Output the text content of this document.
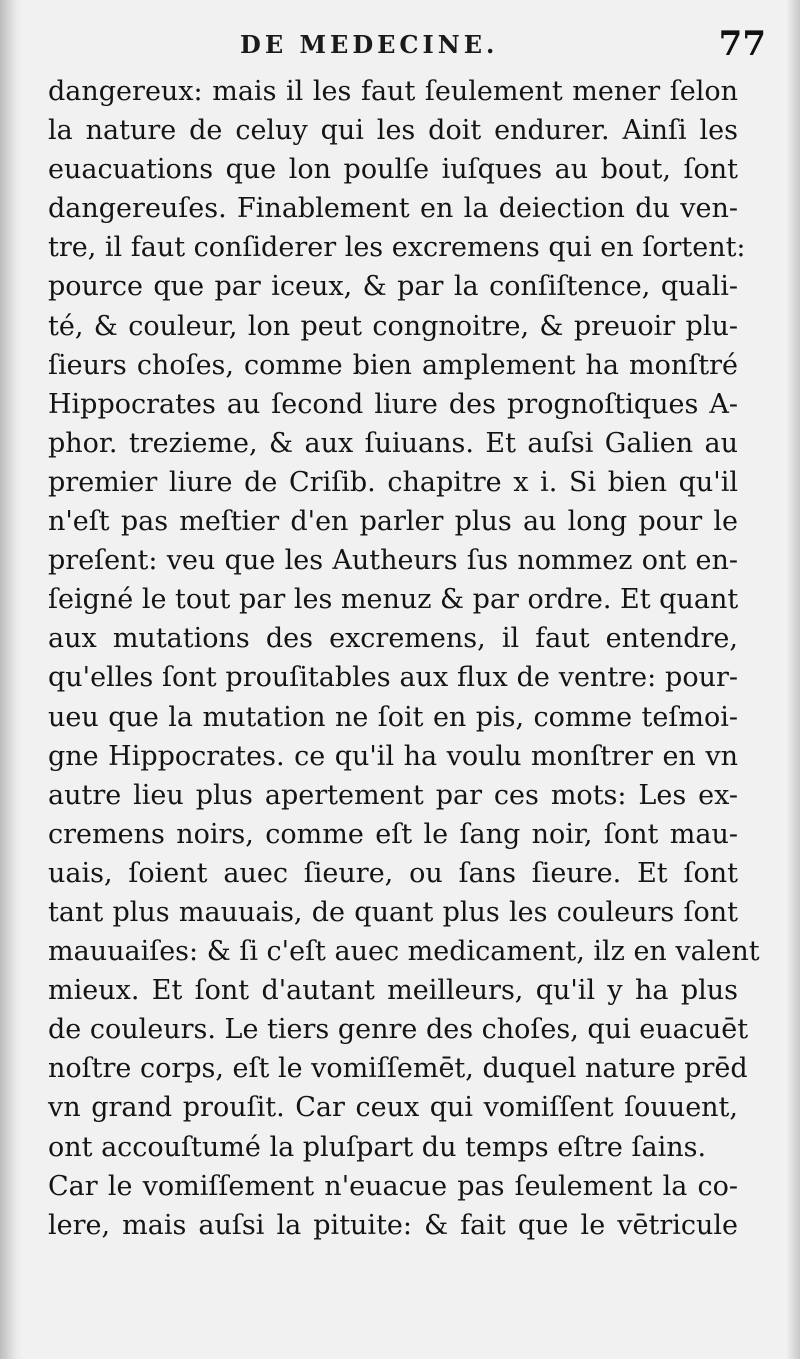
DE MEDECINE.	77
dangereux: mais il les faut ſeulement mener ſelon
la nature de celuy qui les doit endurer. Ainſi les
euacuations que lon poulſe iuſques au bout, ſont
dangereuſes. Finablement en la deiection du ven-
tre, il faut conſiderer les excremens qui en ſortent:
pource que par iceux, & par la conſiſtence, quali-
té, & couleur, lon peut congnoitre, & preuoir plu-
ſieurs choſes, comme bien amplement ha monſtré
Hippocrates au ſecond liure des prognoſtiques A-
phor. trezieme, & aux ſuiuans. Et auſsi Galien au
premier liure de Criſib. chapitre x i. Si bien qu'il
n'eſt pas meſtier d'en parler plus au long pour le
preſent: veu que les Autheurs ſus nommez ont en-
ſeigné le tout par les menuz & par ordre. Et quant
aux mutations des excremens, il faut entendre,
qu'elles ſont prouſitables aux flux de ventre: pour-
ueu que la mutation ne ſoit en pis, comme teſmoi-
gne Hippocrates. ce qu'il ha voulu monſtrer en vn
autre lieu plus apertement par ces mots: Les ex-
cremens noirs, comme eſt le ſang noir, ſont mau-
uais, ſoient auec ſieure, ou ſans ſieure. Et ſont
tant plus mauuais, de quant plus les couleurs ſont
mauuaiſes: & ſi c'eſt auec medicament, ilz en valent
mieux. Et ſont d'autant meilleurs, qu'il y ha plus
de couleurs. Le tiers genre des choſes, qui euacuēt
noſtre corps, eſt le vomiſſemēt, duquel nature prēd
vn grand prouſit. Car ceux qui vomiſſent ſouuent,
ont accouſtumé la pluſpart du temps eſtre ſains.
Car le vomiſſement n'euacue pas ſeulement la co-
lere, mais auſsi la pituite: & fait que le vētricule
